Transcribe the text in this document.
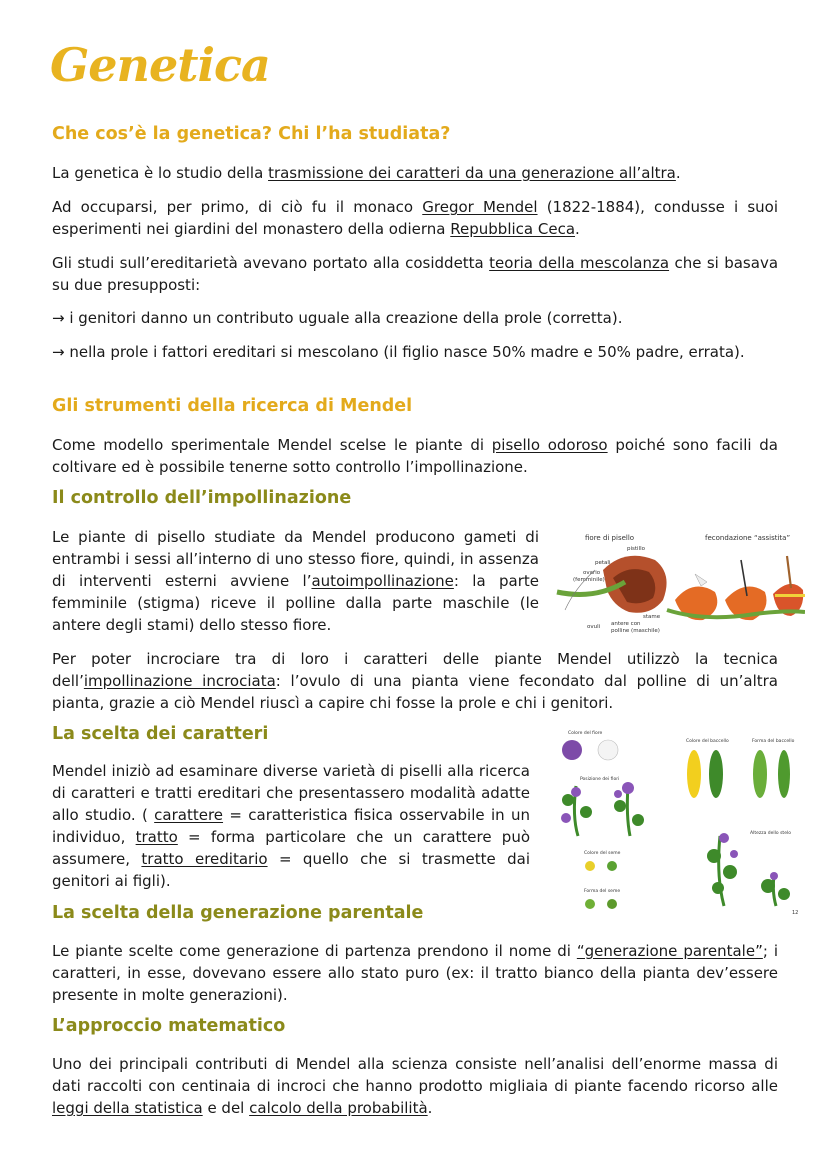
Genetica
Che cos’è la genetica? Chi l’ha studiata?
La genetica è lo studio della trasmissione dei caratteri da una generazione all’altra.
Ad occuparsi, per primo, di ciò fu il monaco Gregor Mendel (1822-1884), condusse i suoi esperimenti nei giardini del monastero della odierna Repubblica Ceca.
Gli studi sull’ereditarietà avevano portato alla cosiddetta teoria della mescolanza che si basava su due presupposti:
→ i genitori danno un contributo uguale alla creazione della prole (corretta).
→ nella prole i fattori ereditari si mescolano (il figlio nasce 50% madre e 50% padre, errata).
Gli strumenti della ricerca di Mendel
Come modello sperimentale Mendel scelse le piante di pisello odoroso poiché sono facili da coltivare ed è possibile tenerne sotto controllo l’impollinazione.
Il controllo dell’impollinazione
Le piante di pisello studiate da Mendel producono gameti di entrambi i sessi all’interno di uno stesso fiore, quindi, in assenza di interventi esterni avviene l’autoimpollinazione: la parte femminile (stigma) riceve il polline dalla parte maschile (le antere degli stami) dello stesso fiore.
fiore di pisello	fecondazione “assistita”
pistillo
petali
ovario
(femminile)
stame
ovuli antere con
polline (maschile)
Per poter incrociare tra di loro i caratteri delle piante Mendel utilizzò la tecnica dell’impollinazione incrociata: l’ovulo di una pianta viene fecondato dal polline di un’altra pianta, grazie a ciò Mendel riuscì a capire chi fosse la prole e chi i genitori.
La scelta dei caratteri
Mendel iniziò ad esaminare diverse varietà di piselli alla ricerca di caratteri e tratti ereditari che presentassero modalità adatte allo studio. ( carattere = caratteristica fisica osservabile in un individuo, tratto = forma particolare che un carattere può assumere, tratto ereditario = quello che si trasmette dai genitori ai figli).
Colore del fiore
Colore del baccello	Forma del baccello
Posizione dei fiori
Altezza dello stelo
Colore del seme
Forma del seme
12
La scelta della generazione parentale
Le piante scelte come generazione di partenza prendono il nome di “generazione parentale”; i caratteri, in esse, dovevano essere allo stato puro (ex: il tratto bianco della pianta dev’essere presente in molte generazioni).
L’approccio matematico
Uno dei principali contributi di Mendel alla scienza consiste nell’analisi dell’enorme massa di dati raccolti con centinaia di incroci che hanno prodotto migliaia di piante facendo ricorso alle leggi della statistica e del calcolo della probabilità.
